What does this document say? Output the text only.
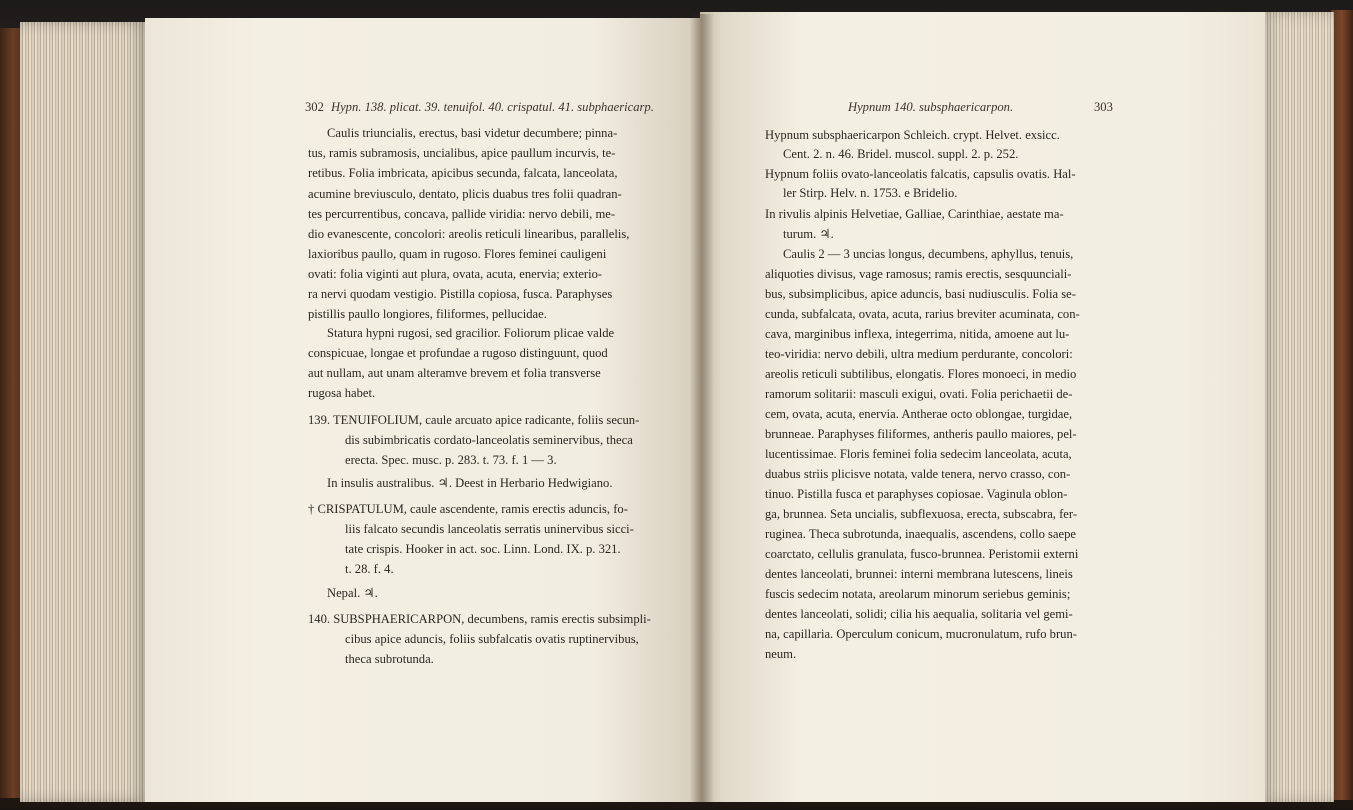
302 Hypn. 138. plicat. 39. tenuifol. 40. crispatul. 41. subphaericarp.
Caulis triuncialis, erectus, basi videtur decumbere; pinna-
tus, ramis subramosis, uncialibus, apice paullum incurvis, te-
retibus. Folia imbricata, apicibus secunda, falcata, lanceolata,
acumine breviusculo, dentato, plicis duabus tres folii quadran-
tes percurrentibus, concava, pallide viridia: nervo debili, me-
dio evanescente, concolori: areolis reticuli linearibus, parallelis,
laxioribus paullo, quam in rugoso. Flores feminei cauligeni
ovati: folia viginti aut plura, ovata, acuta, enervia; exterio-
ra nervi quodam vestigio. Pistilla copiosa, fusca. Paraphyses
pistillis paullo longiores, filiformes, pellucidae.
Statura hypni rugosi, sed gracilior. Foliorum plicae valde
conspicuae, longae et profundae a rugoso distinguunt, quod
aut nullam, aut unam alteramve brevem et folia transverse
rugosa habet.
139. TENUIFOLIUM, caule arcuato apice radicante, foliis secun-
dis subimbricatis cordato-lanceolatis seminervibus, theca
erecta. Spec. musc. p. 283. t. 73. f. 1 — 3.
In insulis australibus. ♃. Deest in Herbario Hedwigiano.
† CRISPATULUM, caule ascendente, ramis erectis aduncis, fo-
liis falcato secundis lanceolatis serratis uninervibus sicci-
tate crispis. Hooker in act. soc. Linn. Lond. IX. p. 321.
t. 28. f. 4.
Nepal. ♃.
140. SUBSPHAERICARPON, decumbens, ramis erectis subsimpli-
cibus apice aduncis, foliis subfalcatis ovatis ruptinervibus,
theca subrotunda.
Hypnum 140. subsphaericarpon.	303
Hypnum subsphaericarpon Schleich. crypt. Helvet. exsicc.
Cent. 2. n. 46. Bridel. muscol. suppl. 2. p. 252.
Hypnum foliis ovato-lanceolatis falcatis, capsulis ovatis. Hal-
ler Stirp. Helv. n. 1753. e Bridelio.
In rivulis alpinis Helvetiae, Galliae, Carinthiae, aestate ma-
turum. ♃.
Caulis 2 — 3 uncias longus, decumbens, aphyllus, tenuis,
aliquoties divisus, vage ramosus; ramis erectis, sesquunciali-
bus, subsimplicibus, apice aduncis, basi nudiusculis. Folia se-
cunda, subfalcata, ovata, acuta, rarius breviter acuminata, con-
cava, marginibus inflexa, integerrima, nitida, amoene aut lu-
teo-viridia: nervo debili, ultra medium perdurante, concolori:
areolis reticuli subtilibus, elongatis. Flores monoeci, in medio
ramorum solitarii: masculi exigui, ovati. Folia perichaetii de-
cem, ovata, acuta, enervia. Antherae octo oblongae, turgidae,
brunneae. Paraphyses filiformes, antheris paullo maiores, pel-
lucentissimae. Floris feminei folia sedecim lanceolata, acuta,
duabus striis plicisve notata, valde tenera, nervo crasso, con-
tinuo. Pistilla fusca et paraphyses copiosae. Vaginula oblon-
ga, brunnea. Seta uncialis, subflexuosa, erecta, subscabra, fer-
ruginea. Theca subrotunda, inaequalis, ascendens, collo saepe
coarctato, cellulis granulata, fusco-brunnea. Peristomii externi
dentes lanceolati, brunnei: interni membrana lutescens, lineis
fuscis sedecim notata, areolarum minorum seriebus geminis;
dentes lanceolati, solidi; cilia his aequalia, solitaria vel gemi-
na, capillaria. Operculum conicum, mucronulatum, rufo brun-
neum.
